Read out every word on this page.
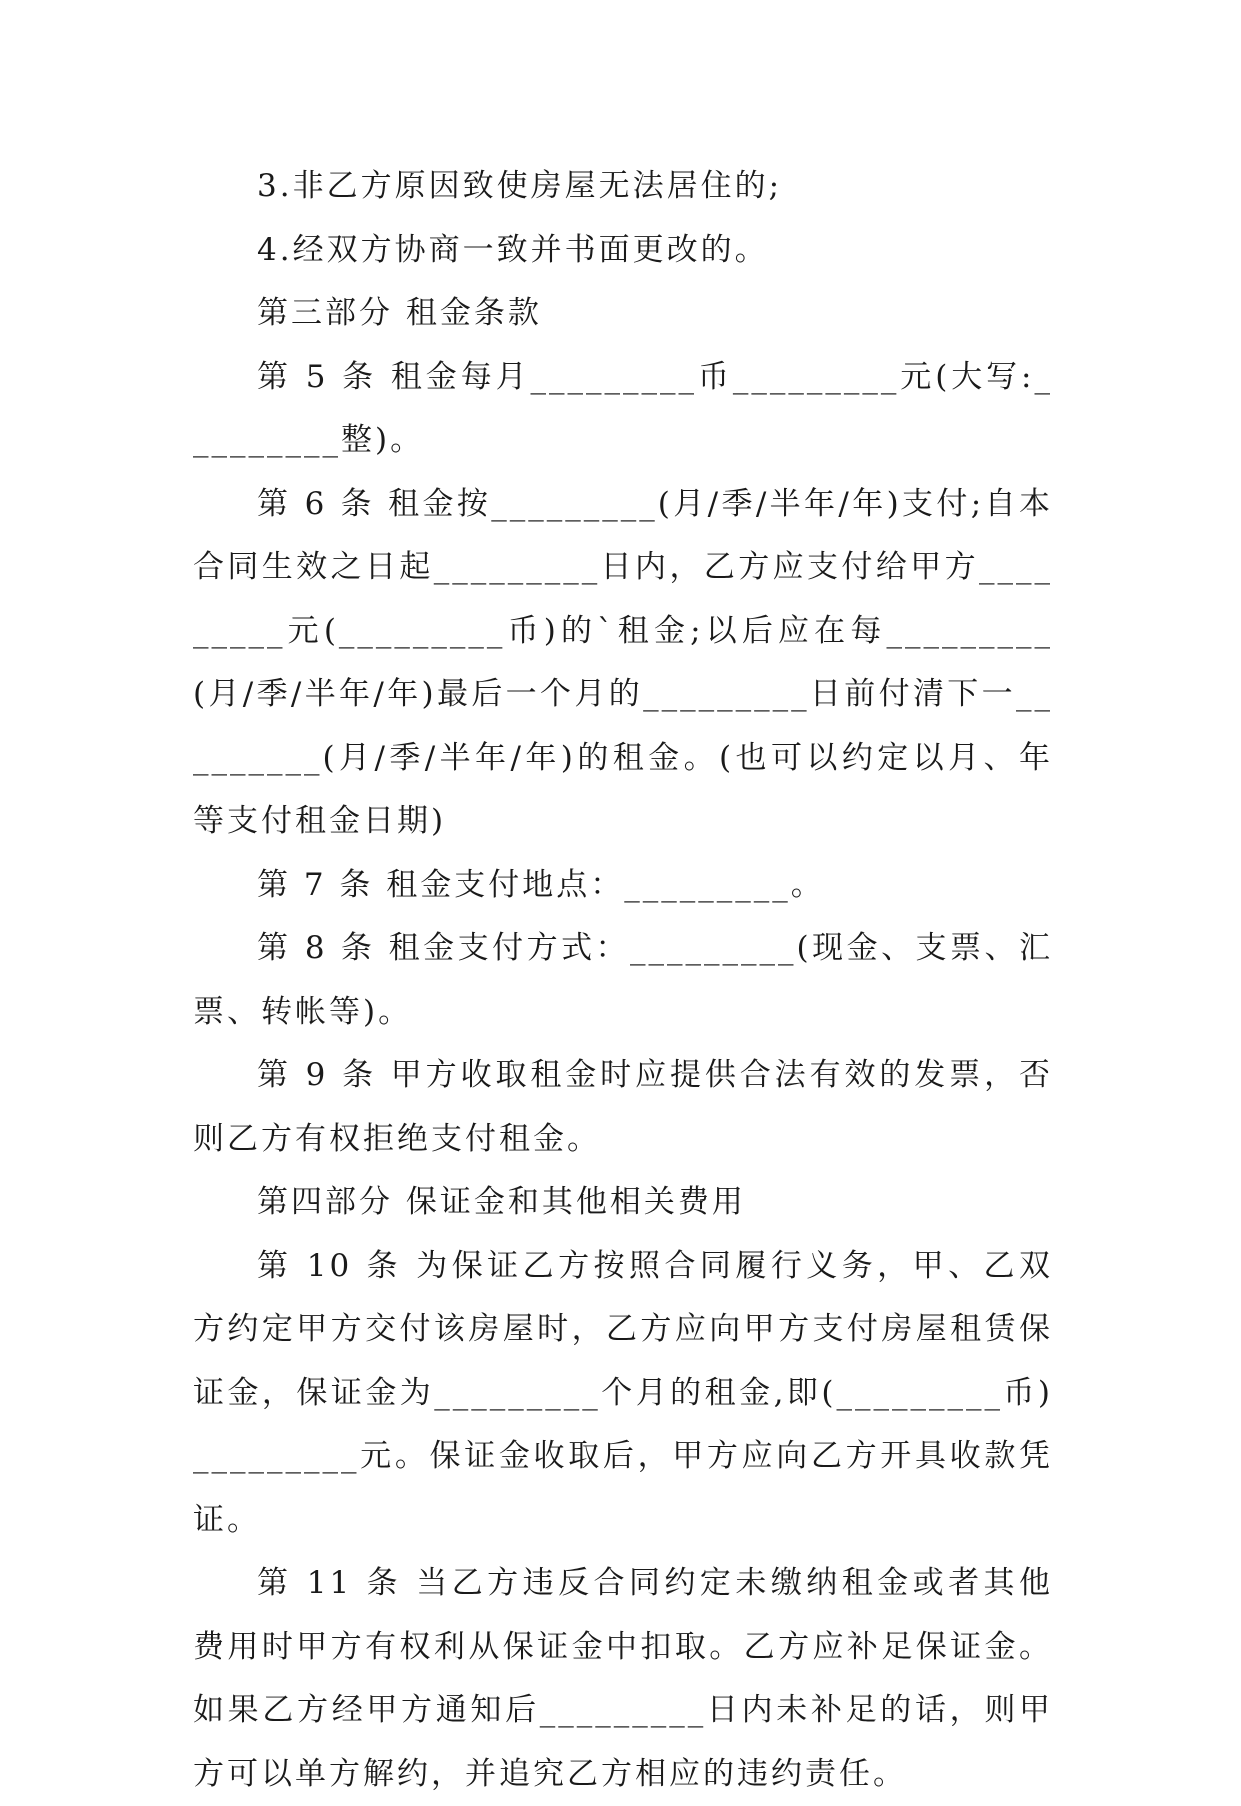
3.非乙方原因致使房屋无法居住的;

4.经双方协商一致并书面更改的。

第三部分 租金条款

第 5 条 租金每月_________币_________元(大写:_________整)。

第 6 条 租金按_________(月/季/半年/年)支付;自本合同生效之日起_________日内，乙方应支付给甲方_________元(_________币)的`租金;以后应在每_________(月/季/半年/年)最后一个月的_________日前付清下一_________(月/季/半年/年)的租金。(也可以约定以月、年等支付租金日期)

第 7 条 租金支付地点：_________。

第 8 条 租金支付方式：_________(现金、支票、汇票、转帐等)。

第 9 条 甲方收取租金时应提供合法有效的发票，否则乙方有权拒绝支付租金。

第四部分 保证金和其他相关费用

第 10 条 为保证乙方按照合同履行义务，甲、乙双方约定甲方交付该房屋时，乙方应向甲方支付房屋租赁保证金，保证金为_________个月的租金,即(_________币)_________元。保证金收取后，甲方应向乙方开具收款凭证。

第 11 条 当乙方违反合同约定未缴纳租金或者其他费用时甲方有权利从保证金中扣取。乙方应补足保证金。如果乙方经甲方通知后_________日内未补足的话，则甲方可以单方解约，并追究乙方相应的违约责任。
